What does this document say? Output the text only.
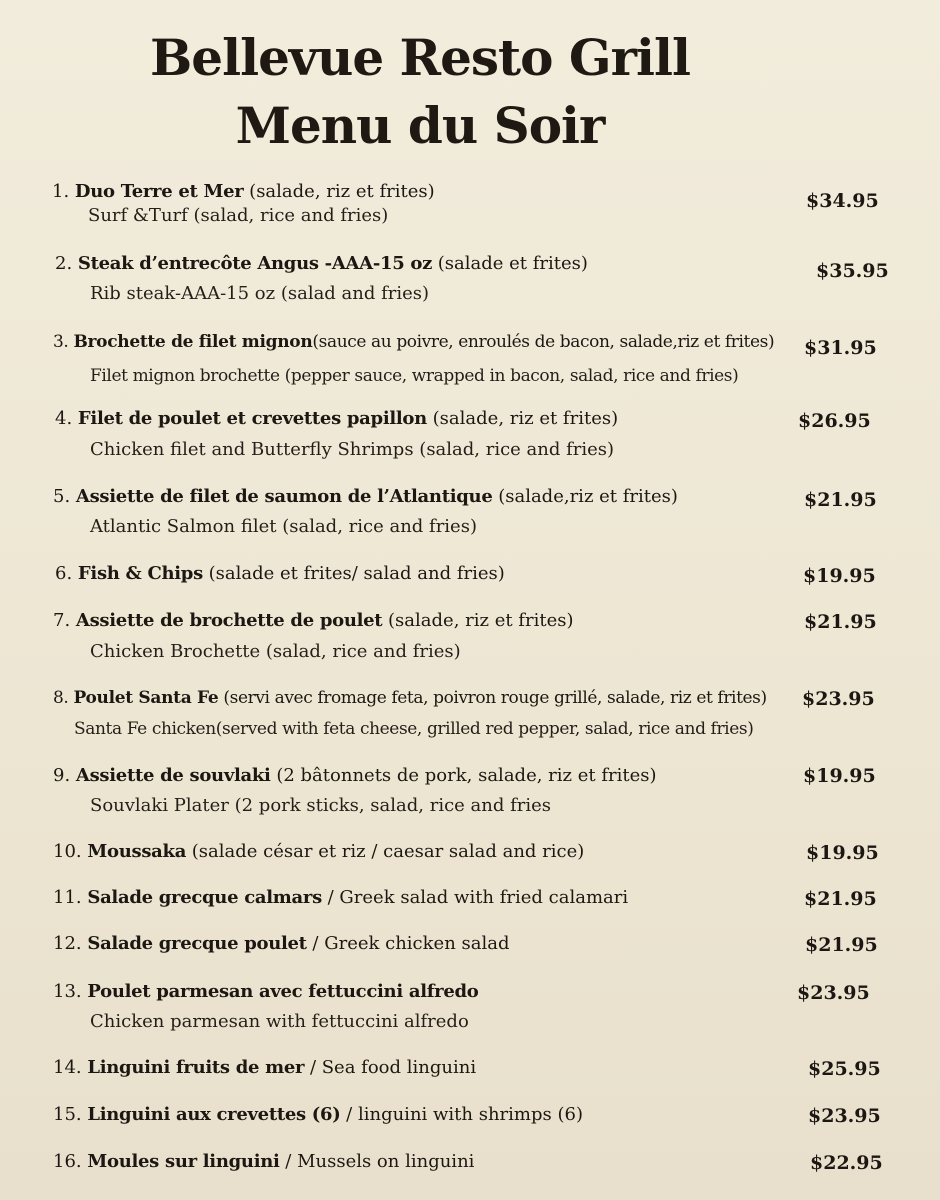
Bellevue Resto Grill
Menu du Soir
1. Duo Terre et Mer (salade, riz et frites)
Surf &Turf (salad, rice and fries)
$34.95
2. Steak d’entrecôte Angus -AAA-15 oz (salade et frites)
Rib steak-AAA-15 oz (salad and fries)
$35.95
3. Brochette de filet mignon(sauce au poivre, enroulés de bacon, salade,riz et frites)
Filet mignon brochette (pepper sauce, wrapped in bacon, salad, rice and fries)
$31.95
4. Filet de poulet et crevettes papillon (salade, riz et frites)
Chicken filet and Butterfly Shrimps (salad, rice and fries)
$26.95
5. Assiette de filet de saumon de l’Atlantique (salade,riz et frites)
Atlantic Salmon filet (salad, rice and fries)
$21.95
6. Fish & Chips (salade et frites/ salad and fries)	$19.95
7. Assiette de brochette de poulet (salade, riz et frites)
Chicken Brochette (salad, rice and fries)
$21.95
8. Poulet Santa Fe (servi avec fromage feta, poivron rouge grillé, salade, riz et frites)
Santa Fe chicken(served with feta cheese, grilled red pepper, salad, rice and fries)
$23.95
9. Assiette de souvlaki (2 bâtonnets de pork, salade, riz et frites)
Souvlaki Plater (2 pork sticks, salad, rice and fries
$19.95
10. Moussaka (salade césar et riz / caesar salad and rice)	$19.95
11. Salade grecque calmars / Greek salad with fried calamari	$21.95
12. Salade grecque poulet / Greek chicken salad	$21.95
13. Poulet parmesan avec fettuccini alfredo
Chicken parmesan with fettuccini alfredo
$23.95
14. Linguini fruits de mer / Sea food linguini	$25.95
15. Linguini aux crevettes (6) / linguini with shrimps (6)	$23.95
16. Moules sur linguini / Mussels on linguini	$22.95
